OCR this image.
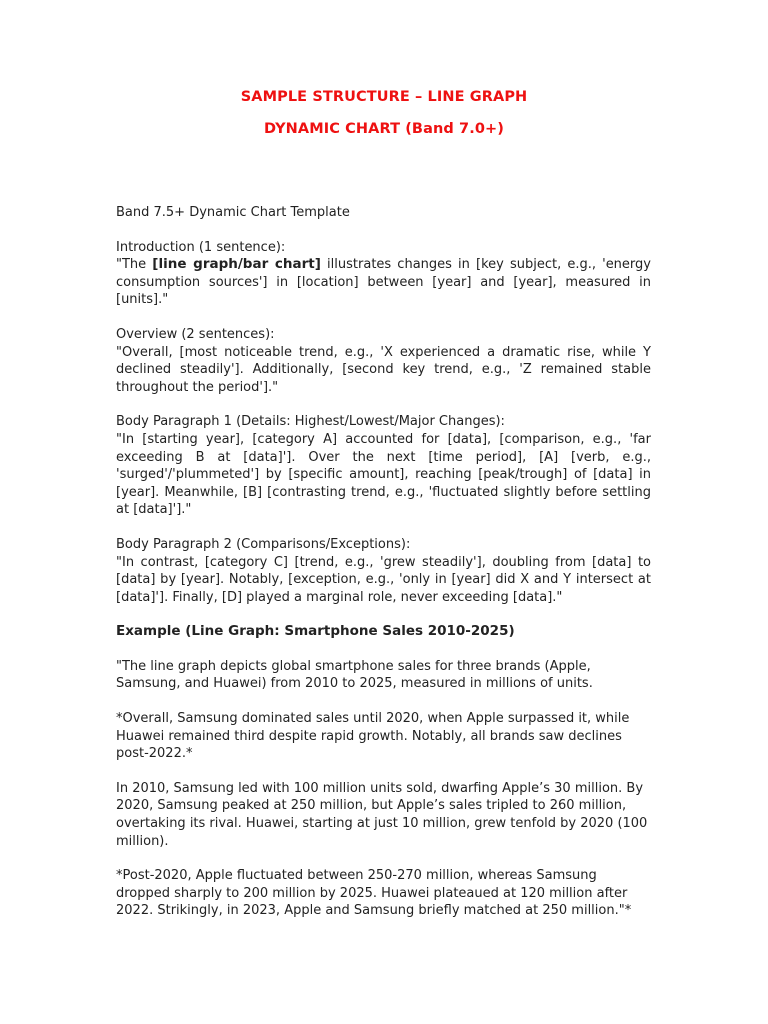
SAMPLE STRUCTURE – LINE GRAPH
DYNAMIC CHART (Band 7.0+)

Band 7.5+ Dynamic Chart Template

Introduction (1 sentence):

"The [line graph/bar chart] illustrates changes in [key subject, e.g., 'energy consumption sources'] in [location] between [year] and [year], measured in [units]."

Overview (2 sentences):

"Overall, [most noticeable trend, e.g., 'X experienced a dramatic rise, while Y declined steadily']. Additionally, [second key trend, e.g., 'Z remained stable throughout the period']."

Body Paragraph 1 (Details: Highest/Lowest/Major Changes):

"In [starting year], [category A] accounted for [data], [comparison, e.g., 'far exceeding B at [data]']. Over the next [time period], [A] [verb, e.g., 'surged'/'plummeted'] by [specific amount], reaching [peak/trough] of [data] in [year]. Meanwhile, [B] [contrasting trend, e.g., 'fluctuated slightly before settling at [data]']."

Body Paragraph 2 (Comparisons/Exceptions):

"In contrast, [category C] [trend, e.g., 'grew steadily'], doubling from [data] to [data] by [year]. Notably, [exception, e.g., 'only in [year] did X and Y intersect at [data]']. Finally, [D] played a marginal role, never exceeding [data]."

Example (Line Graph: Smartphone Sales 2010-2025)

"The line graph depicts global smartphone sales for three brands (Apple, Samsung, and Huawei) from 2010 to 2025, measured in millions of units.

*Overall, Samsung dominated sales until 2020, when Apple surpassed it, while Huawei remained third despite rapid growth. Notably, all brands saw declines post-2022.*

In 2010, Samsung led with 100 million units sold, dwarfing Apple’s 30 million. By 2020, Samsung peaked at 250 million, but Apple’s sales tripled to 260 million, overtaking its rival. Huawei, starting at just 10 million, grew tenfold by 2020 (100 million).

*Post-2020, Apple fluctuated between 250-270 million, whereas Samsung dropped sharply to 200 million by 2025. Huawei plateaued at 120 million after 2022. Strikingly, in 2023, Apple and Samsung briefly matched at 250 million."*
